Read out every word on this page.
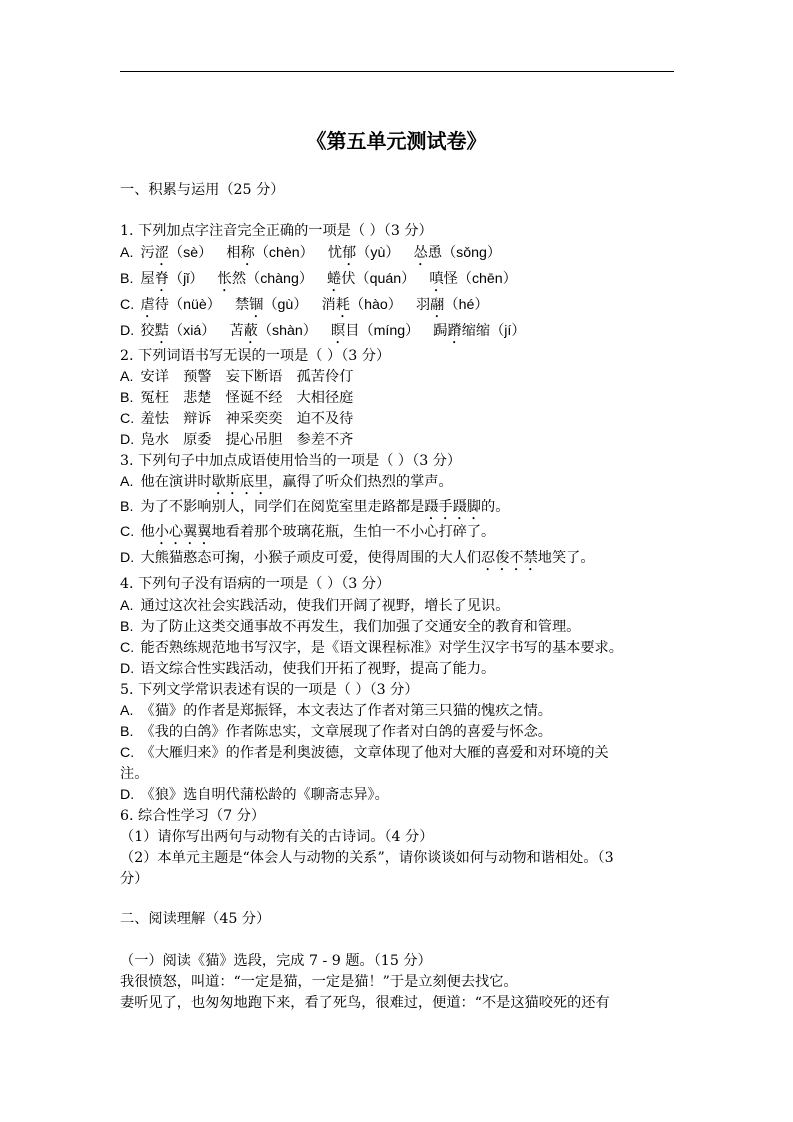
《第五单元测试卷》
一、积累与运用（25 分）
1. 下列加点字注音完全正确的一项是（ ）（3 分）
A. 污涩（sè） 相称（chèn） 忧郁（yù） 怂恿（sǒng）
B. 屋脊（jǐ） 怅然（chàng） 蜷伏（quán） 嗔怪（chēn）
C. 虐待（nüè） 禁锢（gù） 消耗（hào） 羽翮（hé）
D. 狡黠（xiá） 苫蔽（shàn） 瞑目（míng） 跼蹐缩缩（jí）
2. 下列词语书写无误的一项是（ ）（3 分）
A. 安详　预警　妄下断语　孤苦伶仃
B. 冤枉　悲楚　怪诞不经　大相径庭
C. 羞怯　辩诉　神采奕奕　迫不及待
D. 凫水　原委　提心吊胆　参差不齐
3. 下列句子中加点成语使用恰当的一项是（ ）（3 分）
A. 他在演讲时歇斯底里，赢得了听众们热烈的掌声。
B. 为了不影响别人，同学们在阅览室里走路都是蹑手蹑脚的。
C. 他小心翼翼地看着那个玻璃花瓶，生怕一不小心打碎了。
D. 大熊猫憨态可掬，小猴子顽皮可爱，使得周围的大人们忍俊不禁地笑了。
4. 下列句子没有语病的一项是（ ）（3 分）
A. 通过这次社会实践活动，使我们开阔了视野，增长了见识。
B. 为了防止这类交通事故不再发生，我们加强了交通安全的教育和管理。
C. 能否熟练规范地书写汉字，是《语文课程标准》对学生汉字书写的基本要求。
D. 语文综合性实践活动，使我们开拓了视野，提高了能力。
5. 下列文学常识表述有误的一项是（ ）（3 分）
A. 《猫》的作者是郑振铎，本文表达了作者对第三只猫的愧疚之情。
B. 《我的白鸽》作者陈忠实，文章展现了作者对白鸽的喜爱与怀念。
C. 《大雁归来》的作者是利奥波德，文章体现了他对大雁的喜爱和对环境的关
注。
D. 《狼》选自明代蒲松龄的《聊斋志异》。
6. 综合性学习（7 分）
（1）请你写出两句与动物有关的古诗词。（4 分）
（2）本单元主题是“体会人与动物的关系”，请你谈谈如何与动物和谐相处。（3
分）
二、阅读理解（45 分）
（一）阅读《猫》选段，完成 7 - 9 题。（15 分）
我很愤怒，叫道：“一定是猫，一定是猫！”于是立刻便去找它。
妻听见了，也匆匆地跑下来，看了死鸟，很难过，便道：“不是这猫咬死的还有
